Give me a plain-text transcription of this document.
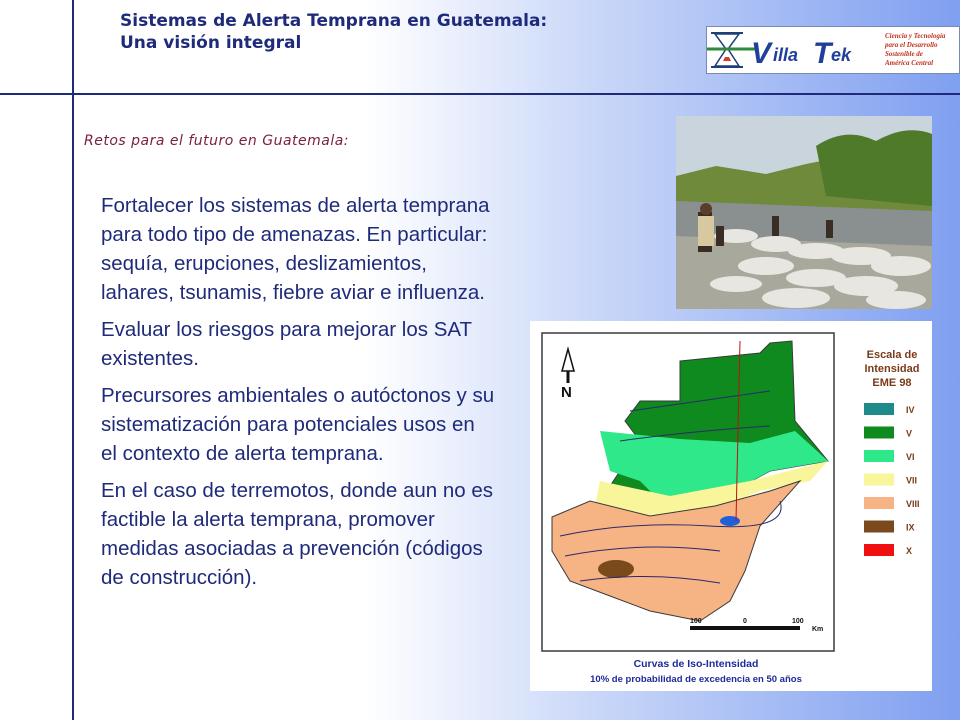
Sistemas de Alerta Temprana en Guatemala:
Una visión integral	V illa T ek
Ciencia y Tecnología
para el Desarrollo
Sostenible de
América Central
Retos para el futuro en Guatemala:

Fortalecer los sistemas de alerta temprana para todo tipo de amenazas. En particular: sequía, erupciones, deslizamientos, lahares, tsunamis, fiebre aviar e influenza.

Evaluar los riesgos para mejorar los SAT existentes.

Precursores ambientales o autóctonos y su sistematización para potenciales usos en el contexto de alerta temprana.

En el caso de terremotos, donde aun no es factible la alerta temprana, promover medidas asociadas a prevención (códigos de construcción).

N
100	0	100
Km
Escala de
Intensidad
EME 98
IV
V
VI
VII
VIII
IX
X
Curvas de Iso-Intensidad
10% de probabilidad de excedencia en 50 años
